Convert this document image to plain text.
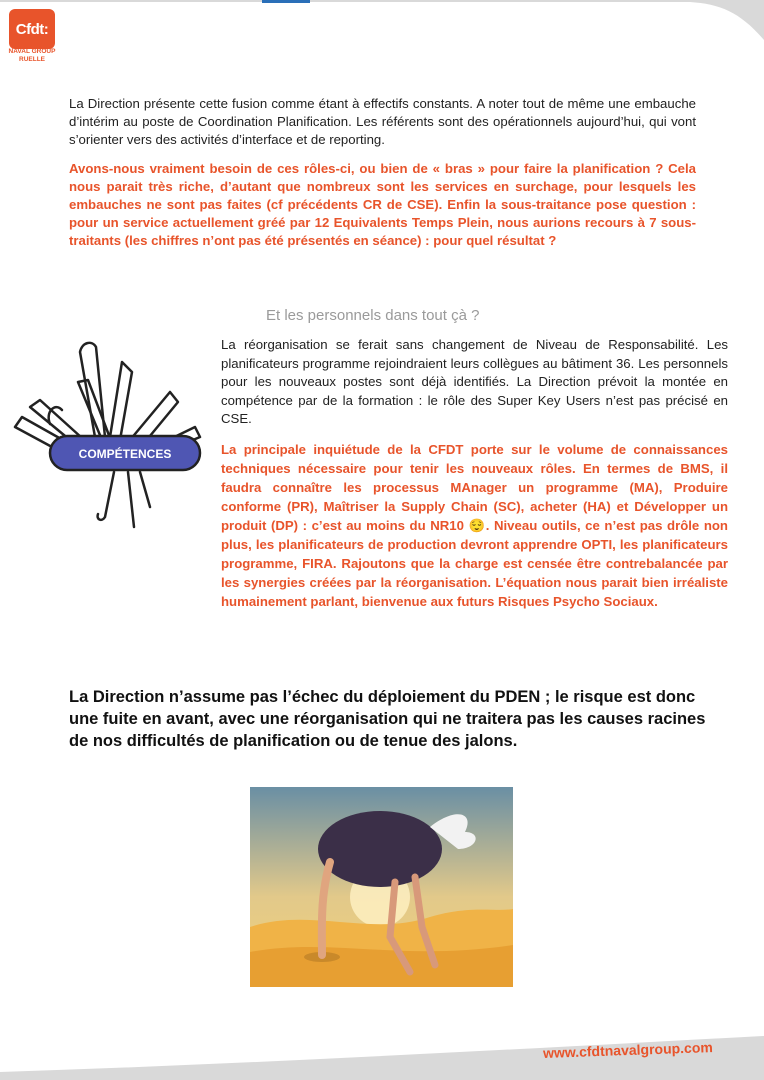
Cfdt:
NAVAL GROUP
RUELLE
La Direction présente cette fusion comme étant à effectifs constants. A noter tout de même une embauche d’intérim au poste de Coordination Planification. Les référents sont des opérationnels aujourd’hui, qui vont s’orienter vers des activités d’interface et de reporting.
Avons-nous vraiment besoin de ces rôles-ci, ou bien de « bras » pour faire la planification ? Cela nous parait très riche, d’autant que nombreux sont les services en surchage, pour lesquels les embauches ne sont pas faites (cf précédents CR de CSE). Enfin la sous-traitance pose question : pour un service actuellement gréé par 12 Equivalents Temps Plein, nous aurions recours à 7 sous-traitants (les chiffres n’ont pas été présentés en séance) : pour quel résultat ?
Et les personnels dans tout çà ?
COMPÉTENCES
La réorganisation se ferait sans changement de Niveau de Responsabilité. Les planificateurs programme rejoindraient leurs collègues au bâtiment 36. Les personnels pour les nouveaux postes sont déjà identifiés. La Direction prévoit la montée en compétence par de la formation : le rôle des Super Key Users n’est pas précisé en CSE.
La principale inquiétude de la CFDT porte sur le volume de connaissances techniques nécessaire pour tenir les nouveaux rôles. En termes de BMS, il faudra connaître les processus MAnager un programme (MA), Produire conforme (PR), Maîtriser la Supply Chain (SC), acheter (HA) et Développer un produit (DP) : c’est au moins du NR10 😌. Niveau outils, ce n’est pas drôle non plus, les planificateurs de production devront apprendre OPTI, les planificateurs programme, FIRA. Rajoutons que la charge est censée être contrebalancée par les synergies créées par la réorganisation. L’équation nous parait bien irréaliste humainement parlant, bienvenue aux futurs Risques Psycho Sociaux.
La Direction n’assume pas l’échec du déploiement du PDEN ; le risque est donc une fuite en avant, avec une réorganisation qui ne traitera pas les causes racines de nos difficultés de planification ou de tenue des jalons.
www.cfdtnavalgroup.com
